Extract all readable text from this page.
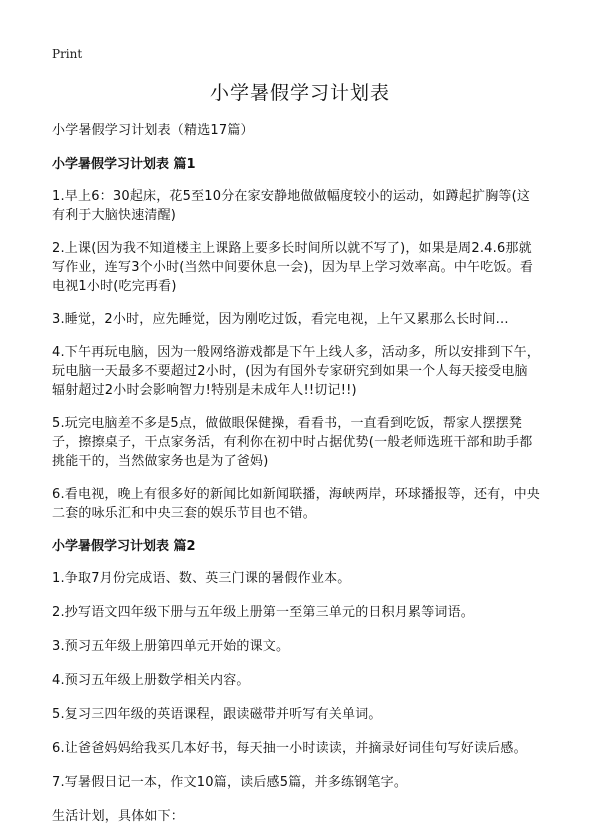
Print
小学暑假学习计划表

小学暑假学习计划表（精选17篇）

小学暑假学习计划表 篇1

1.早上6：30起床，花5至10分在家安静地做做幅度较小的运动，如蹲起扩胸等(这有利于大脑快速清醒)

2.上课(因为我不知道楼主上课路上要多长时间所以就不写了)，如果是周2.4.6那就写作业，连写3个小时(当然中间要休息一会)，因为早上学习效率高。中午吃饭。看电视1小时(吃完再看)

3.睡觉，2小时，应先睡觉，因为刚吃过饭，看完电视，上午又累那么长时间...

4.下午再玩电脑，因为一般网络游戏都是下午上线人多，活动多，所以安排到下午，玩电脑一天最多不要超过2小时，(因为有国外专家研究到如果一个人每天接受电脑辐射超过2小时会影响智力!特别是未成年人!!切记!!)

5.玩完电脑差不多是5点，做做眼保健操，看看书，一直看到吃饭，帮家人摆摆凳子，擦擦桌子，干点家务活，有利你在初中时占据优势(一般老师选班干部和助手都挑能干的，当然做家务也是为了爸妈)

6.看电视，晚上有很多好的新闻比如新闻联播，海峡两岸，环球播报等，还有，中央二套的咏乐汇和中央三套的娱乐节目也不错。

小学暑假学习计划表 篇2

1.争取7月份完成语、数、英三门课的暑假作业本。

2.抄写语文四年级下册与五年级上册第一至第三单元的日积月累等词语。

3.预习五年级上册第四单元开始的课文。

4.预习五年级上册数学相关内容。

5.复习三四年级的英语课程，跟读磁带并听写有关单词。

6.让爸爸妈妈给我买几本好书，每天抽一小时读读，并摘录好词佳句写好读后感。

7.写暑假日记一本，作文10篇，读后感5篇，并多练钢笔字。

生活计划，具体如下：
